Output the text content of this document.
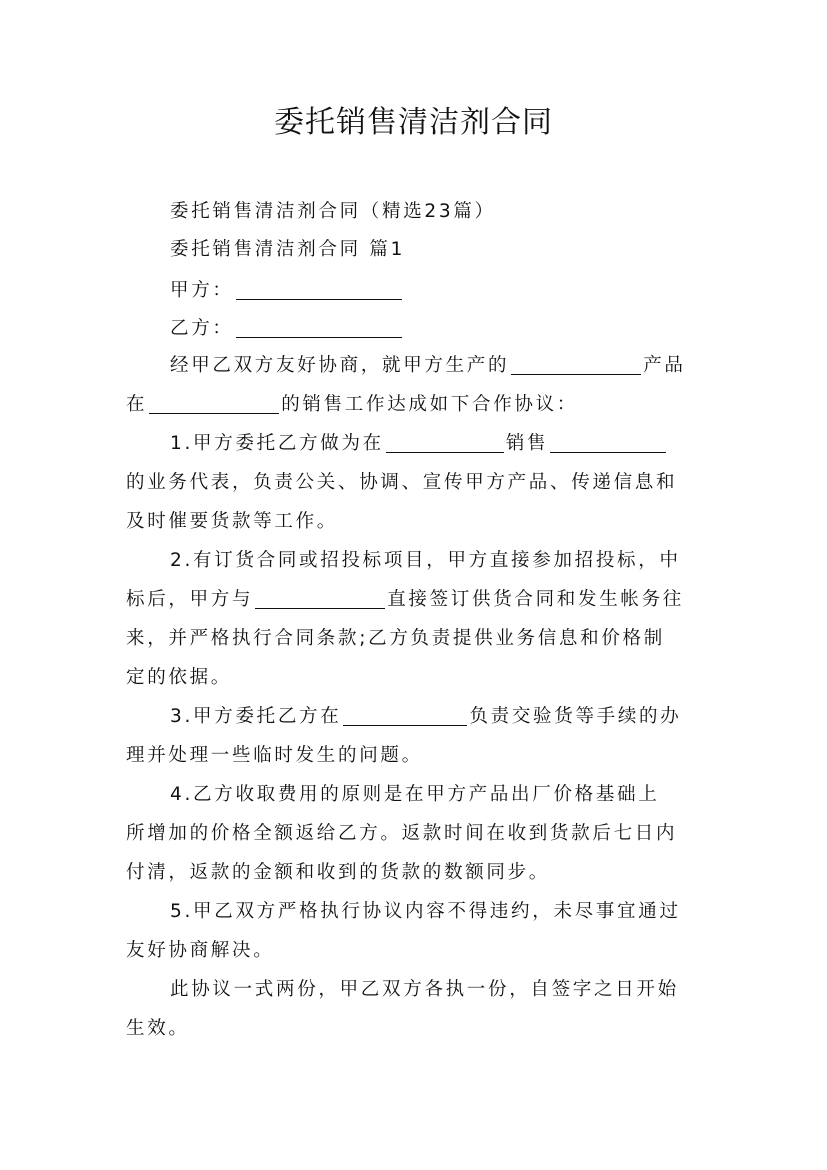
委托销售清洁剂合同
委托销售清洁剂合同（精选23篇）
委托销售清洁剂合同 篇1
甲方：
乙方：
经甲乙双方友好协商，就甲方生产的	产品
在	的销售工作达成如下合作协议：
1.甲方委托乙方做为在	销售
的业务代表，负责公关、协调、宣传甲方产品、传递信息和
及时催要货款等工作。
2.有订货合同或招投标项目，甲方直接参加招投标，中
标后，甲方与	直接签订供货合同和发生帐务往
来，并严格执行合同条款;乙方负责提供业务信息和价格制
定的依据。
3.甲方委托乙方在	负责交验货等手续的办
理并处理一些临时发生的问题。
4.乙方收取费用的原则是在甲方产品出厂价格基础上
所增加的价格全额返给乙方。返款时间在收到货款后七日内
付清，返款的金额和收到的货款的数额同步。
5.甲乙双方严格执行协议内容不得违约，未尽事宜通过
友好协商解决。
此协议一式两份，甲乙双方各执一份，自签字之日开始
生效。
